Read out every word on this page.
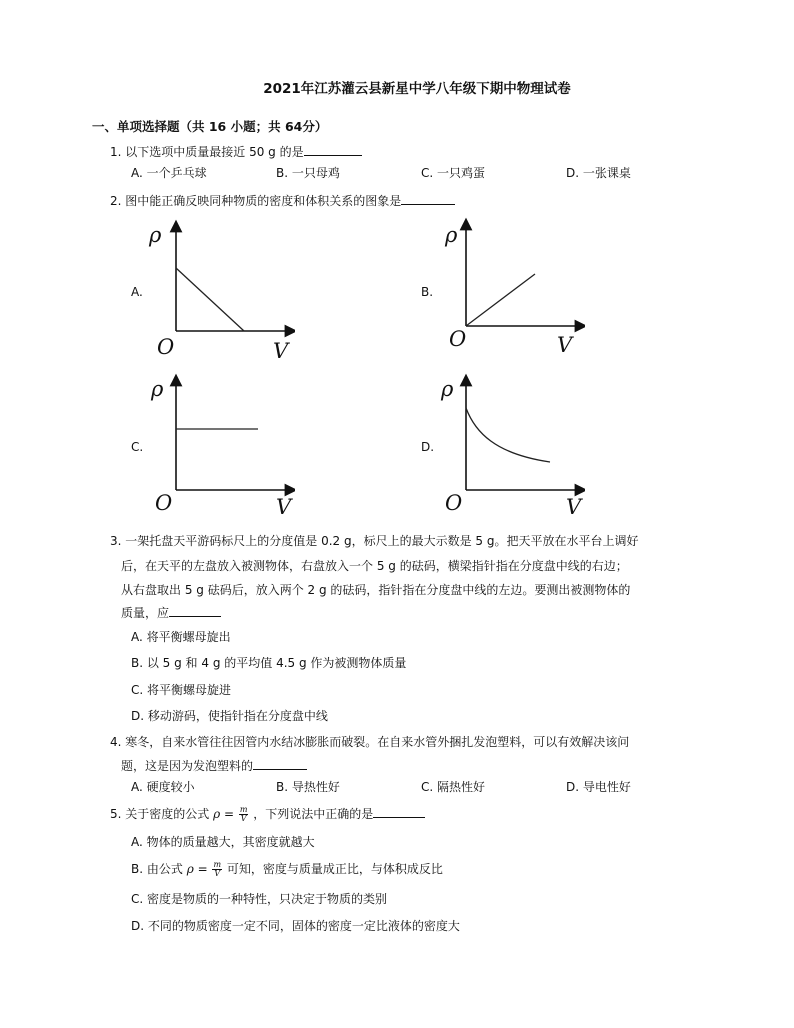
2021年江苏灌云县新星中学八年级下期中物理试卷
一、单项选择题（共 16 小题；共 64分）
1. 以下选项中质量最接近 50 g 的是
A. 一个乒乓球	B. 一只母鸡	C. 一只鸡蛋	D. 一张课桌
2. 图中能正确反映同种物质的密度和体积关系的图象是
A.	B.
C.	D.
ρ
O	V
ρ
O	V
ρ
O	V
ρ
O	V
3. 一架托盘天平游码标尺上的分度值是 0.2 g，标尺上的最大示数是 5 g。把天平放在水平台上调好
后，在天平的左盘放入被测物体，右盘放入一个 5 g 的砝码，横梁指针指在分度盘中线的右边；
从右盘取出 5 g 砝码后，放入两个 2 g 的砝码，指针指在分度盘中线的左边。要测出被测物体的
质量，应
A. 将平衡螺母旋出
B. 以 5 g 和 4 g 的平均值 4.5 g 作为被测物体质量
C. 将平衡螺母旋进
D. 移动游码，使指针指在分度盘中线
4. 寒冬，自来水管往往因管内水结冰膨胀而破裂。在自来水管外捆扎发泡塑料，可以有效解决该问
题，这是因为发泡塑料的
A. 硬度较小	B. 导热性好	C. 隔热性好	D. 导电性好
5. 关于密度的公式 $\rho = \frac{m}{V}$ ，下列说法中正确的是
A. 物体的质量越大，其密度就越大
B. 由公式 $\rho = \frac{m}{V}$ 可知，密度与质量成正比，与体积成反比
C. 密度是物质的一种特性，只决定于物质的类别
D. 不同的物质密度一定不同，固体的密度一定比液体的密度大
